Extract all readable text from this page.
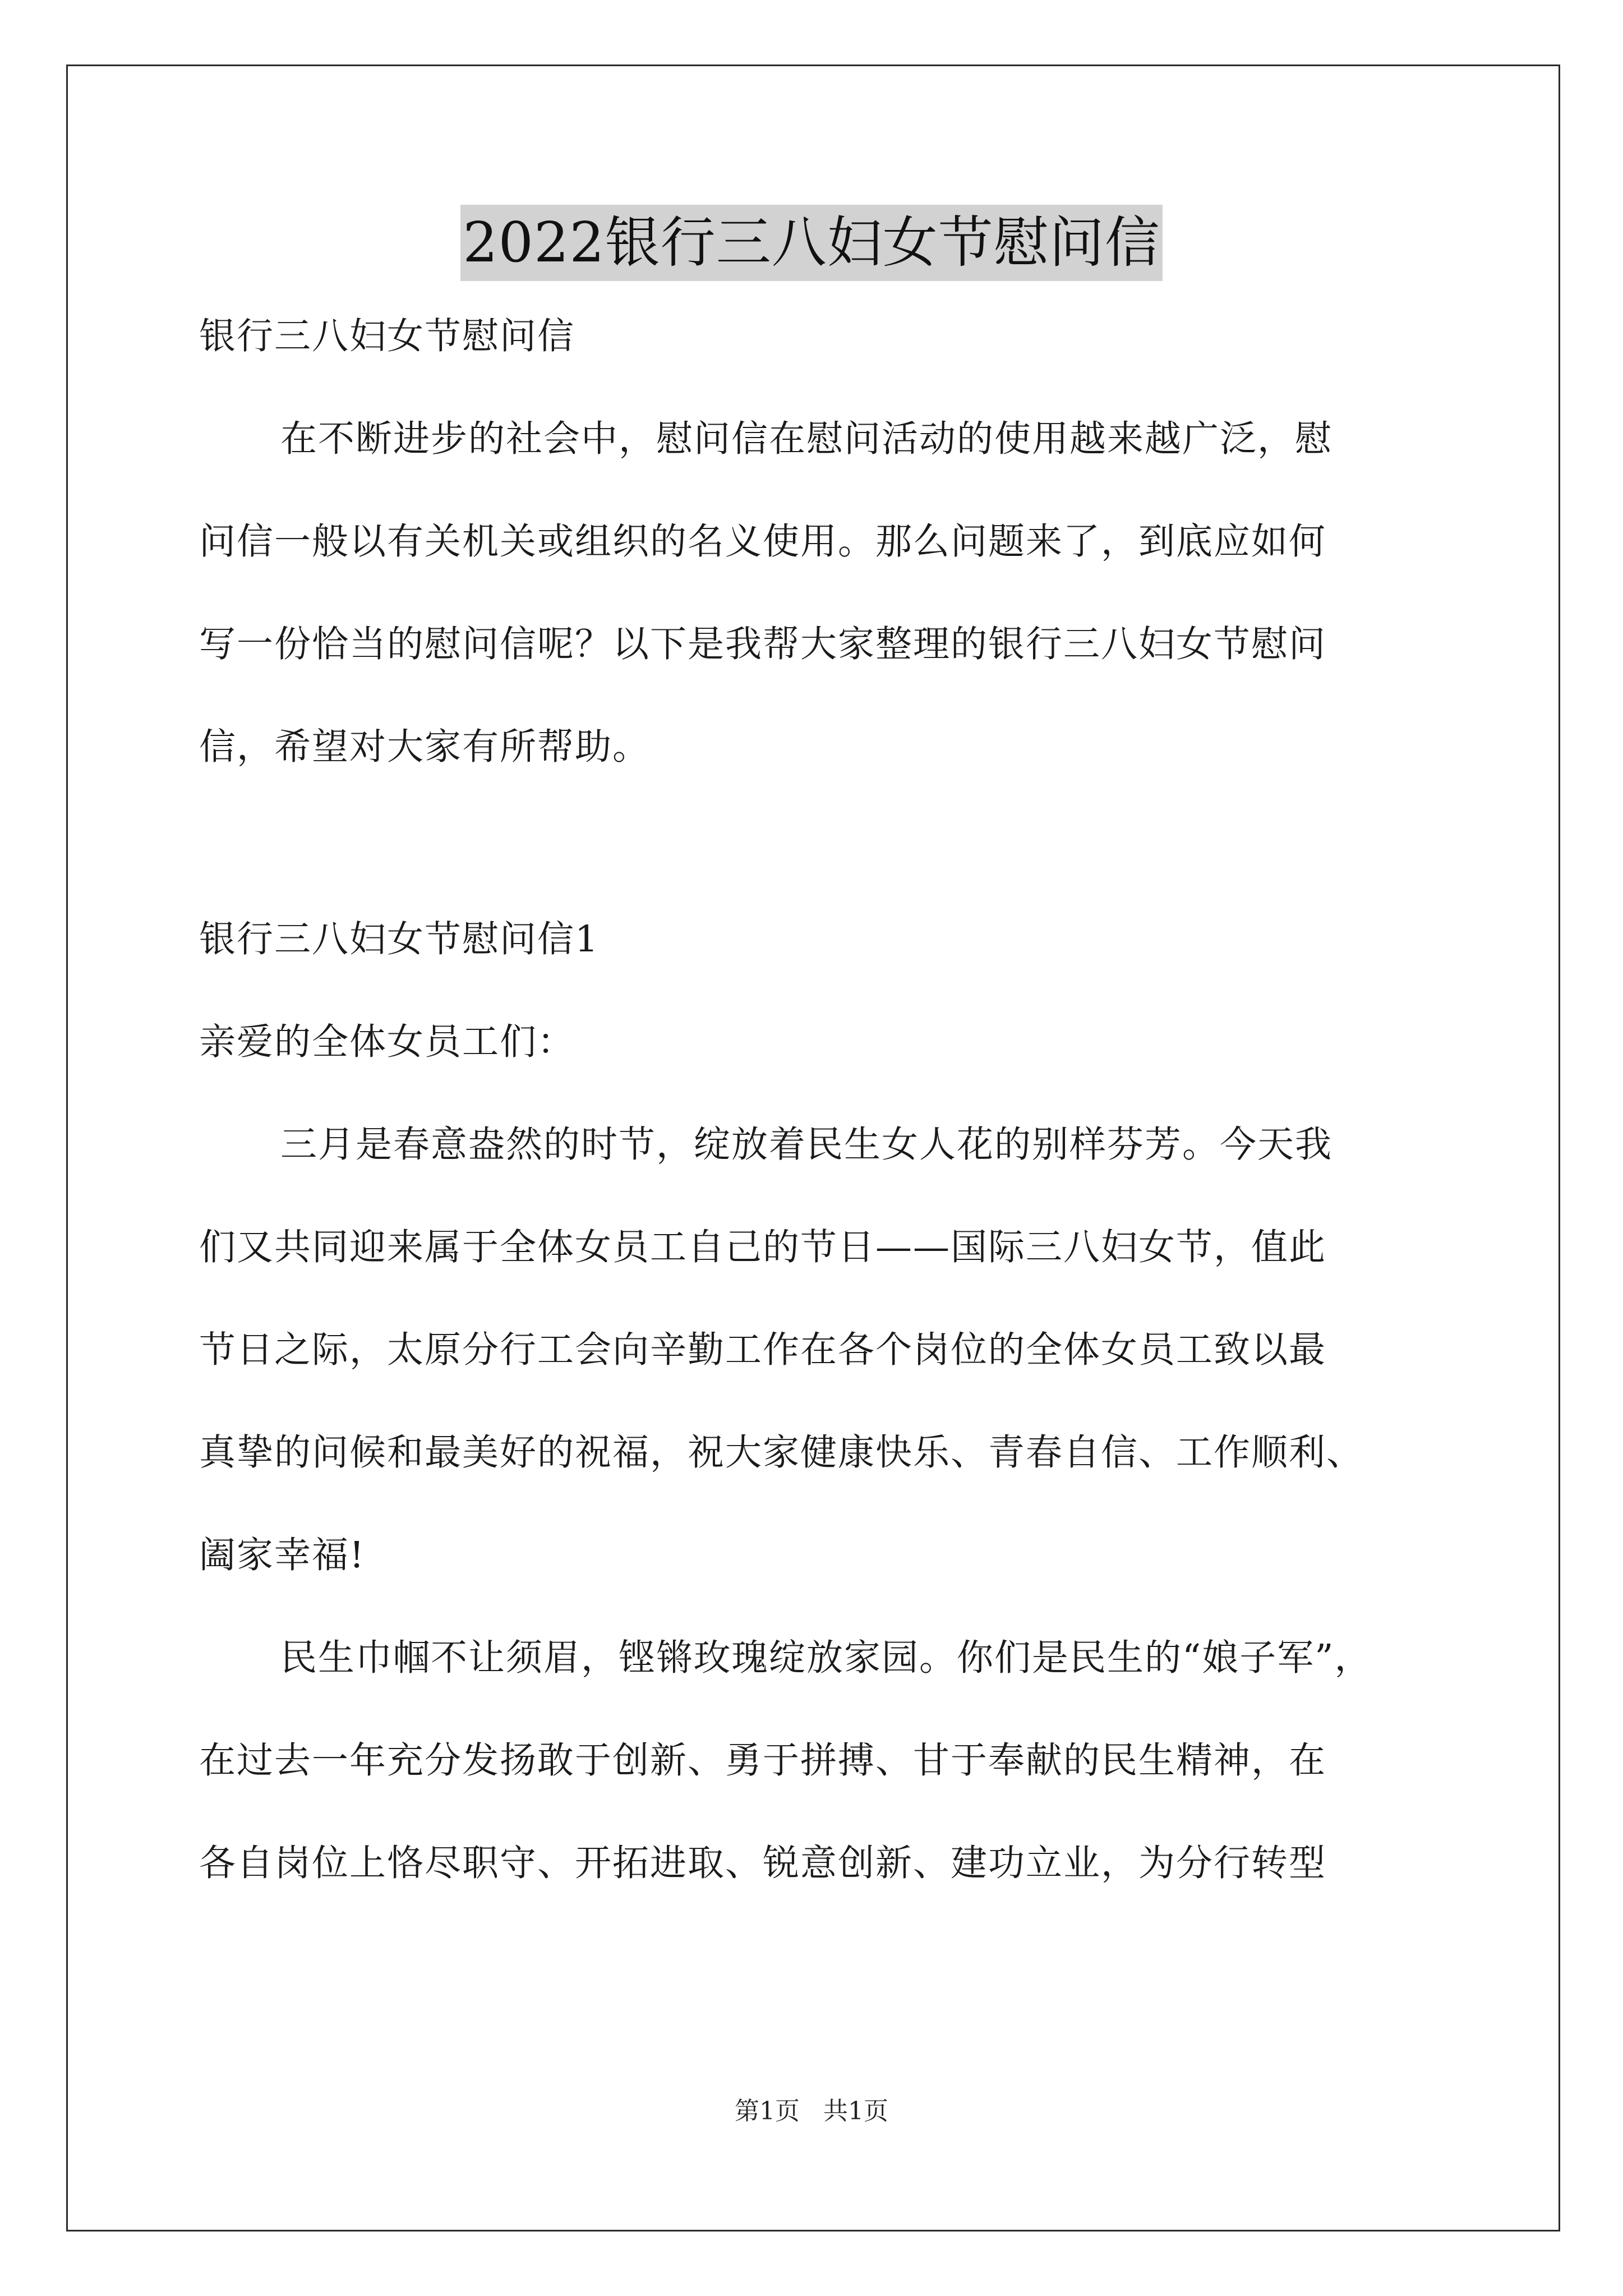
2022银行三八妇女节慰问信
银行三八妇女节慰问信
在不断进步的社会中，慰问信在慰问活动的使用越来越广泛，慰
问信一般以有关机关或组织的名义使用。那么问题来了，到底应如何
写一份恰当的慰问信呢？以下是我帮大家整理的银行三八妇女节慰问
信，希望对大家有所帮助。
银行三八妇女节慰问信1
亲爱的全体女员工们：
三月是春意盎然的时节，绽放着民生女人花的别样芬芳。今天我
们又共同迎来属于全体女员工自己的节日——国际三八妇女节，值此
节日之际，太原分行工会向辛勤工作在各个岗位的全体女员工致以最
真挚的问候和最美好的祝福，祝大家健康快乐、青春自信、工作顺利、
阖家幸福!
民生巾帼不让须眉，铿锵玫瑰绽放家园。你们是民生的“娘子军”，
在过去一年充分发扬敢于创新、勇于拼搏、甘于奉献的民生精神，在
各自岗位上恪尽职守、开拓进取、锐意创新、建功立业，为分行转型
第1页 共1页
